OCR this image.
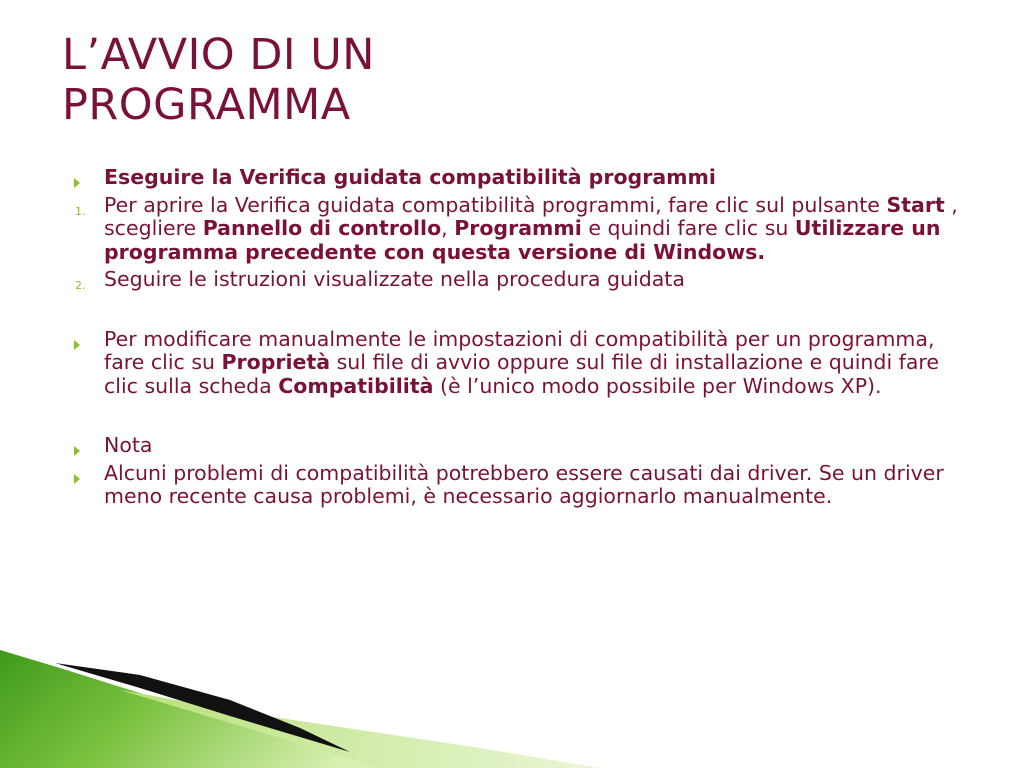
L’AVVIO DI UN
PROGRAMMA
Eseguire la Verifica guidata compatibilità programmi
1. Per aprire la Verifica guidata compatibilità programmi, fare clic sul pulsante Start , scegliere Pannello di controllo, Programmi e quindi fare clic su Utilizzare un programma precedente con questa versione di Windows.
2. Seguire le istruzioni visualizzate nella procedura guidata
Per modificare manualmente le impostazioni di compatibilità per un programma, fare clic su Proprietà sul file di avvio oppure sul file di installazione e quindi fare clic sulla scheda Compatibilità (è l’unico modo possibile per Windows XP).
Nota
Alcuni problemi di compatibilità potrebbero essere causati dai driver. Se un driver meno recente causa problemi, è necessario aggiornarlo manualmente.
